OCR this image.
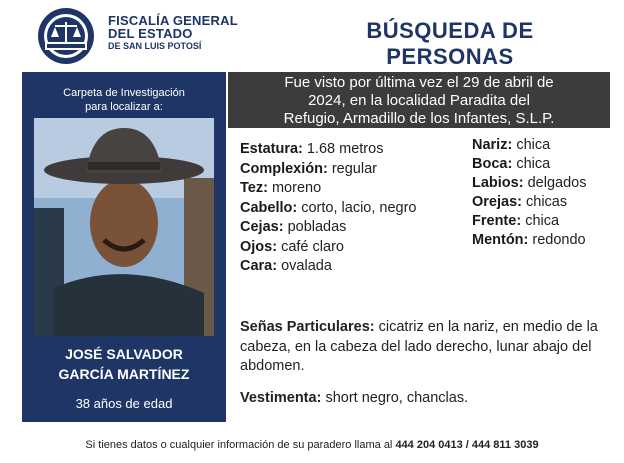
FISCALÍA GENERAL
DEL ESTADO
DE SAN LUIS POTOSÍ
BÚSQUEDA DE PERSONAS
Carpeta de Investigación
para localizar a:
JOSÉ SALVADOR
GARCÍA MARTÍNEZ
38 años de edad
Fue visto por última vez el 29 de abril de
2024, en la localidad Paradita del
Refugio, Armadillo de los Infantes, S.L.P.
Estatura: 1.68 metros
Complexión: regular
Tez: moreno
Cabello: corto, lacio, negro
Cejas: pobladas
Ojos: café claro
Cara: ovalada
Nariz: chica
Boca: chica
Labios: delgados
Orejas: chicas
Frente: chica
Mentón: redondo
Señas Particulares: cicatriz en la nariz, en medio de la cabeza, en la cabeza del lado derecho, lunar abajo del abdomen.
Vestimenta: short negro, chanclas.
Si tienes datos o cualquier información de su paradero llama al 444 204 0413 / 444 811 3039
